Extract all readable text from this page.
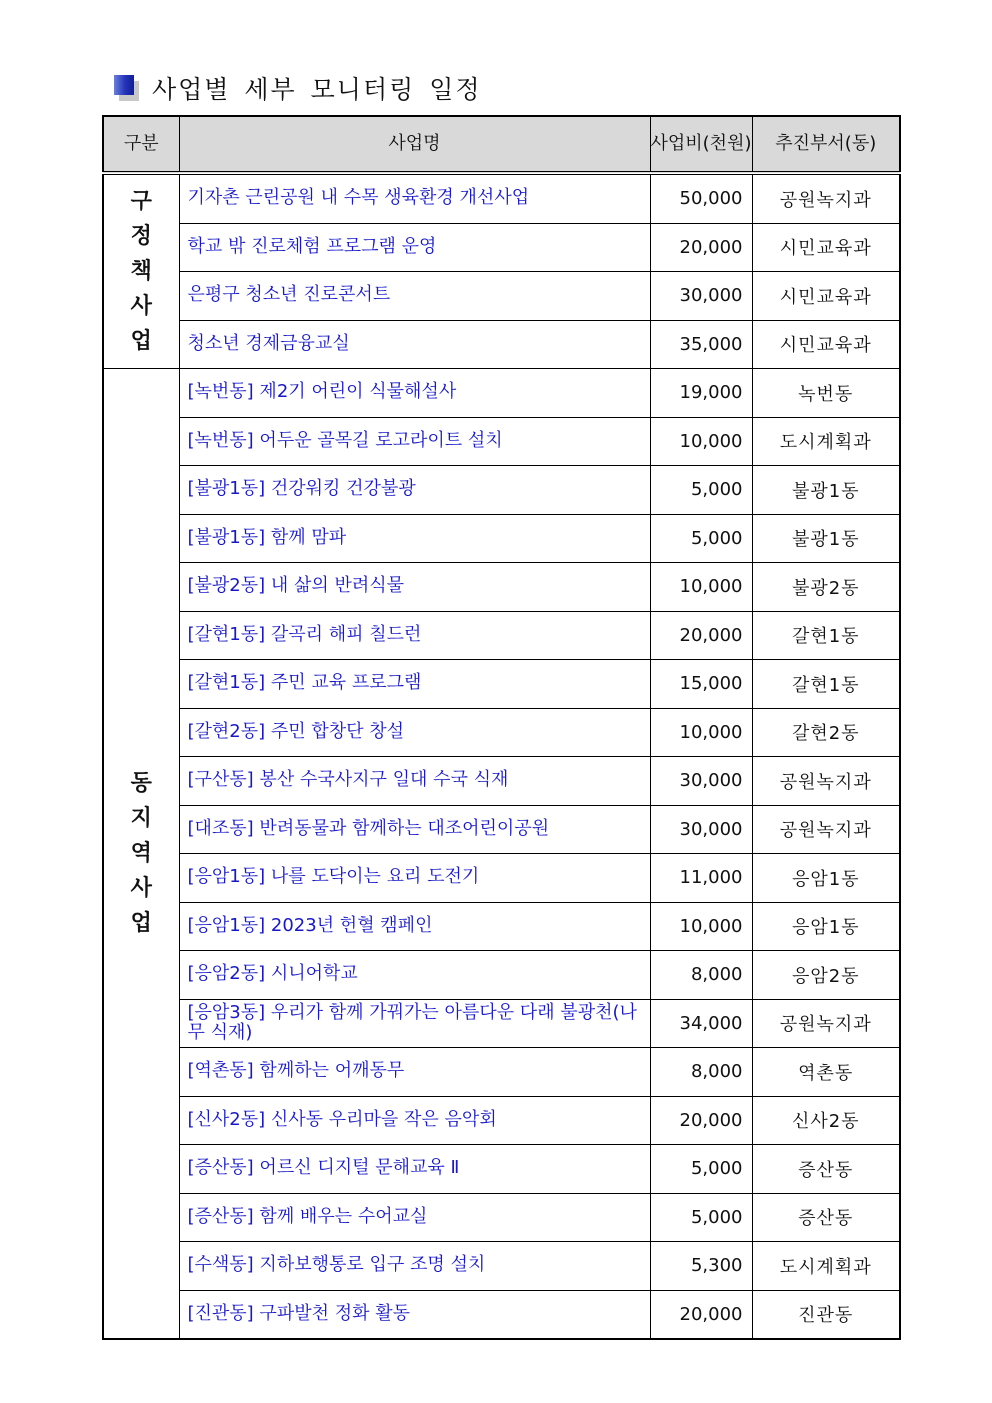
사업별 세부 모니터링 일정
구분	사업명	사업비(천원)	추진부서(동)

구
정
책
사
업	기자촌 근린공원 내 수목 생육환경 개선사업	50,000	공원녹지과
	학교 밖 진로체험 프로그램 운영	20,000	시민교육과
	은평구 청소년 진로콘서트	30,000	시민교육과
	청소년 경제금융교실	35,000	시민교육과

동
지
역
사
업	[녹번동] 제2기 어린이 식물해설사	19,000	녹번동
	[녹번동] 어두운 골목길 로고라이트 설치	10,000	도시계획과
	[불광1동] 건강워킹 건강불광	5,000	불광1동
	[불광1동] 함께 맘파	5,000	불광1동
	[불광2동] 내 삶의 반려식물	10,000	불광2동
	[갈현1동] 갈곡리 해피 칠드런	20,000	갈현1동
	[갈현1동] 주민 교육 프로그램	15,000	갈현1동
	[갈현2동] 주민 합창단 창설	10,000	갈현2동
	[구산동] 봉산 수국사지구 일대 수국 식재	30,000	공원녹지과
	[대조동] 반려동물과 함께하는 대조어린이공원	30,000	공원녹지과
	[응암1동] 나를 도닥이는 요리 도전기	11,000	응암1동
	[응암1동] 2023년 헌혈 캠페인	10,000	응암1동
	[응암2동] 시니어학교	8,000	응암2동
	[응암3동] 우리가 함께 가꿔가는 아름다운 다래 불광천(나무 식재)	34,000	공원녹지과
	[역촌동] 함께하는 어깨동무	8,000	역촌동
	[신사2동] 신사동 우리마을 작은 음악회	20,000	신사2동
	[증산동] 어르신 디지털 문해교육 Ⅱ	5,000	증산동
	[증산동] 함께 배우는 수어교실	5,000	증산동
	[수색동] 지하보행통로 입구 조명 설치	5,300	도시계획과
	[진관동] 구파발천 정화 활동	20,000	진관동
